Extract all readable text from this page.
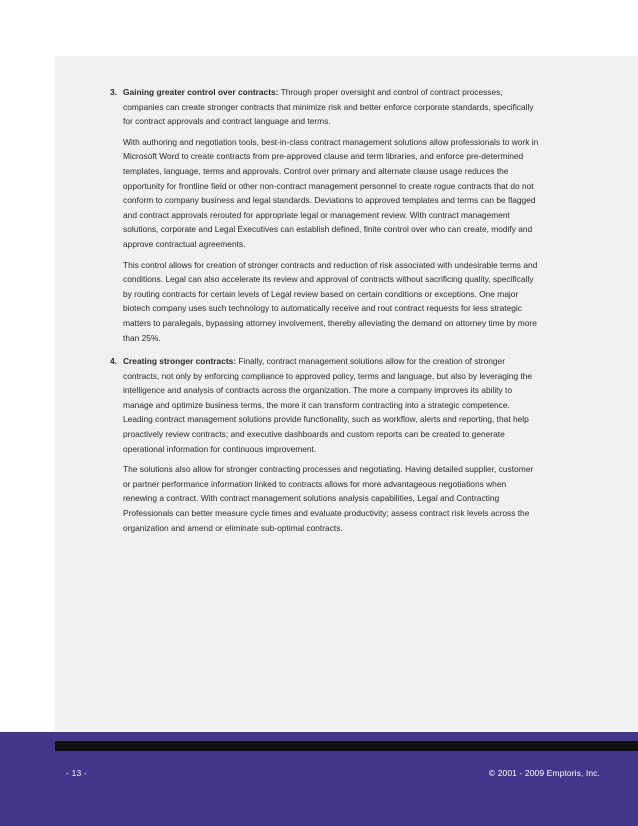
3. Gaining greater control over contracts: Through proper oversight and control of contract processes, companies can create stronger contracts that minimize risk and better enforce corporate standards, specifically for contract approvals and contract language and terms.

With authoring and negotiation tools, best-in-class contract management solutions allow professionals to work in Microsoft Word to create contracts from pre-approved clause and term libraries, and enforce pre-determined templates, language, terms and approvals. Control over primary and alternate clause usage reduces the opportunity for frontline field or other non-contract management personnel to create rogue contracts that do not conform to company business and legal standards. Deviations to approved templates and terms can be flagged and contract approvals rerouted for appropriate legal or management review. With contract management solutions, corporate and Legal Executives can establish defined, finite control over who can create, modify and approve contractual agreements.

This control allows for creation of stronger contracts and reduction of risk associated with undesirable terms and conditions. Legal can also accelerate its review and approval of contracts without sacrificing quality, specifically by routing contracts for certain levels of Legal review based on certain conditions or exceptions. One major biotech company uses such technology to automatically receive and rout contract requests for less strategic matters to paralegals, bypassing attorney involvement, thereby alleviating the demand on attorney time by more than 25%.

4. Creating stronger contracts: Finally, contract management solutions allow for the creation of stronger contracts, not only by enforcing compliance to approved policy, terms and language, but also by leveraging the intelligence and analysis of contracts across the organization. The more a company improves its ability to manage and optimize business terms, the more it can transform contracting into a strategic competence. Leading contract management solutions provide functionality, such as workflow, alerts and reporting, that help proactively review contracts; and executive dashboards and custom reports can be created to generate operational information for continuous improvement.

The solutions also allow for stronger contracting processes and negotiating. Having detailed supplier, customer or partner performance information linked to contracts allows for more advantageous negotiations when renewing a contract. With contract management solutions analysis capabilities, Legal and Contracting Professionals can better measure cycle times and evaluate productivity; assess contract risk levels across the organization and amend or eliminate sub-optimal contracts.

- 13 -	© 2001 - 2009 Emptoris, Inc.
